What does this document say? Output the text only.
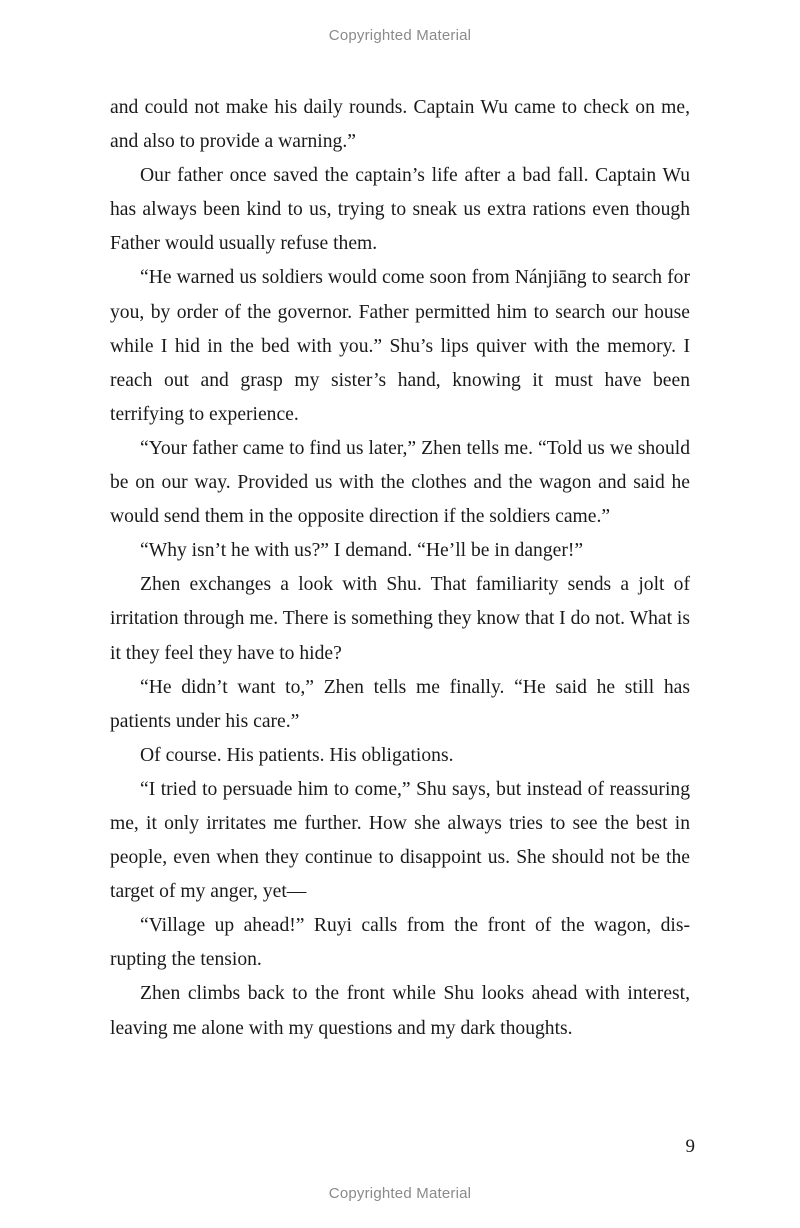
Copyrighted Material

and could not make his daily rounds. Captain Wu came to check on me, and also to provide a warning.”

Our father once saved the captain’s life after a bad fall. Captain Wu has always been kind to us, trying to sneak us extra rations even though Father would usually refuse them.

“He warned us soldiers would come soon from Nánjiāng to search for you, by order of the governor. Father permitted him to search our house while I hid in the bed with you.” Shu’s lips quiver with the memory. I reach out and grasp my sister’s hand, knowing it must have been terrifying to experience.

“Your father came to find us later,” Zhen tells me. “Told us we should be on our way. Provided us with the clothes and the wagon and said he would send them in the opposite direction if the soldiers came.”

“Why isn’t he with us?” I demand. “He’ll be in danger!”

Zhen exchanges a look with Shu. That familiarity sends a jolt of irritation through me. There is something they know that I do not. What is it they feel they have to hide?

“He didn’t want to,” Zhen tells me finally. “He said he still has patients under his care.”

Of course. His patients. His obligations.

“I tried to persuade him to come,” Shu says, but instead of reassuring me, it only irritates me further. How she always tries to see the best in people, even when they continue to disappoint us. She should not be the target of my anger, yet—

“Village up ahead!” Ruyi calls from the front of the wagon, disrupting the tension.

Zhen climbs back to the front while Shu looks ahead with interest, leaving me alone with my questions and my dark thoughts.

9
Copyrighted Material
